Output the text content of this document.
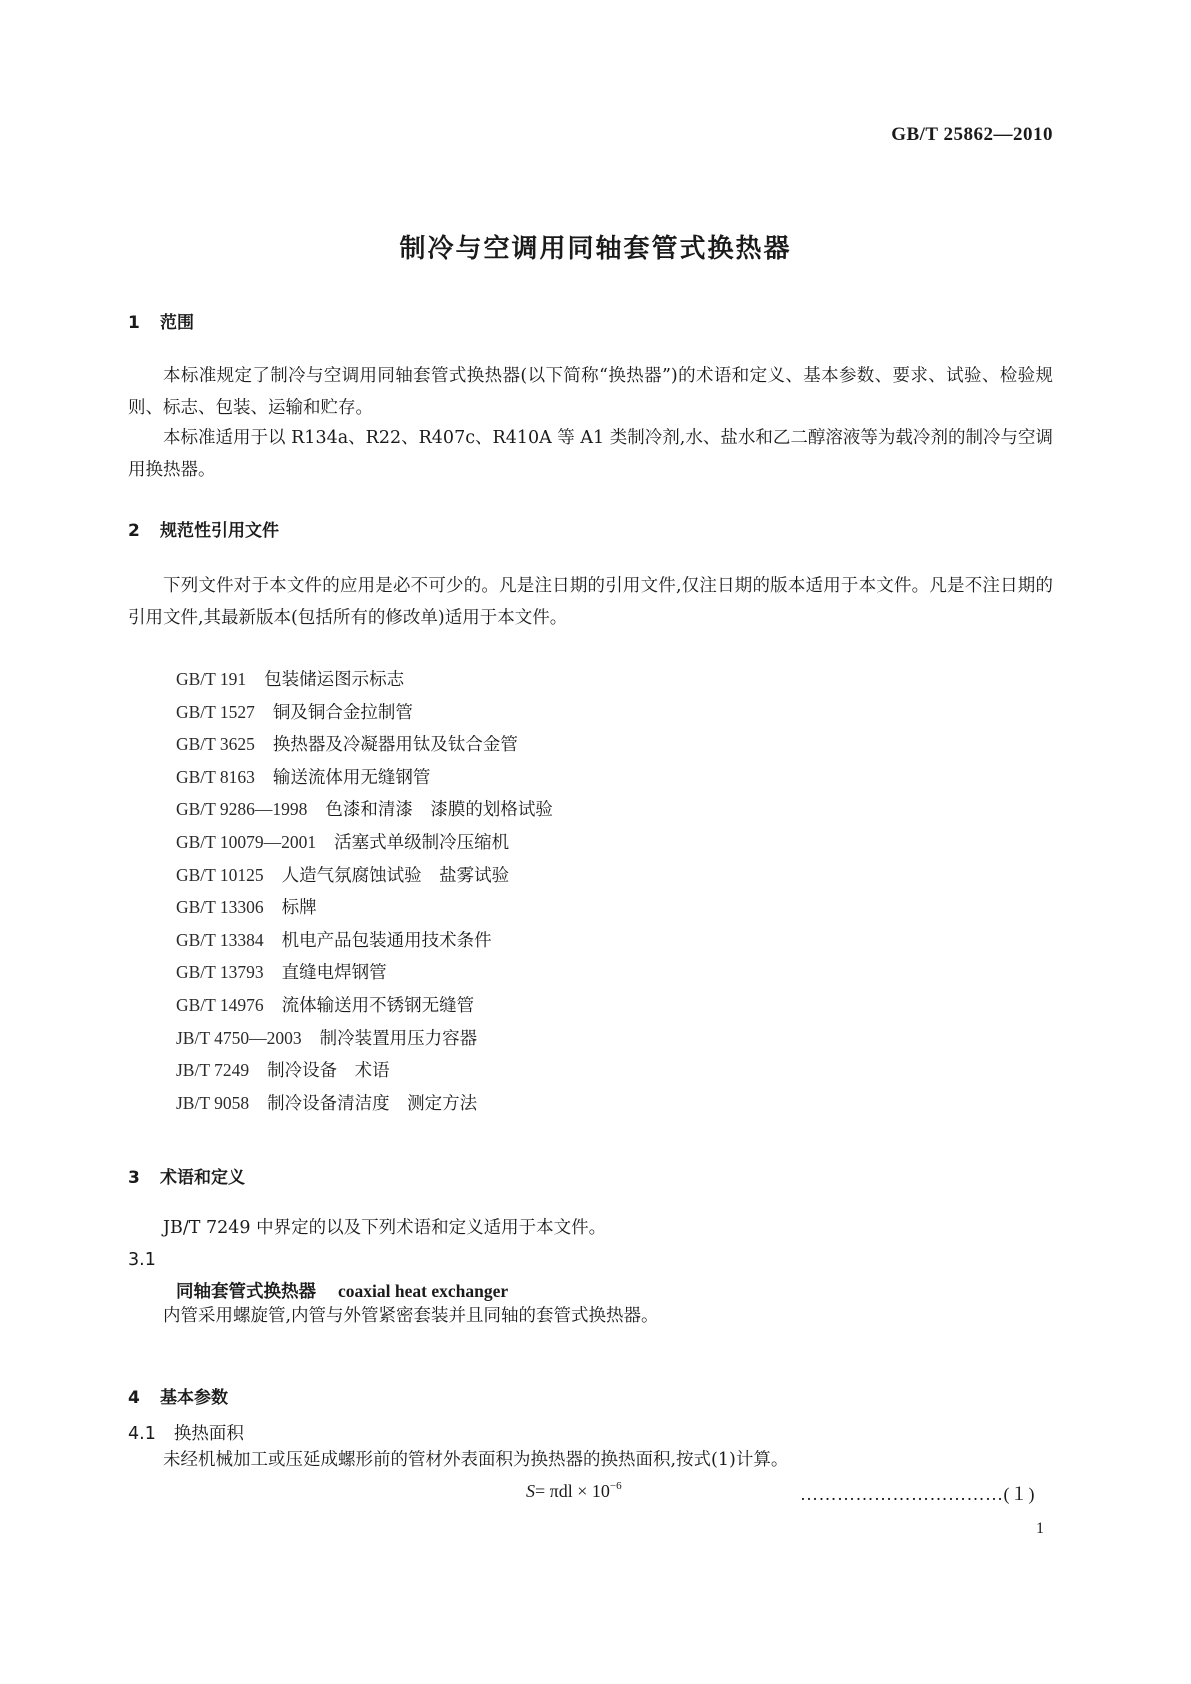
GB/T 25862—2010
制冷与空调用同轴套管式换热器
1 范围
本标准规定了制冷与空调用同轴套管式换热器(以下简称“换热器”)的术语和定义、基本参数、要求、试验、检验规则、标志、包装、运输和贮存。
本标准适用于以 R134a、R22、R407c、R410A 等 A1 类制冷剂,水、盐水和乙二醇溶液等为载冷剂的制冷与空调用换热器。
2 规范性引用文件
下列文件对于本文件的应用是必不可少的。凡是注日期的引用文件,仅注日期的版本适用于本文件。凡是不注日期的引用文件,其最新版本(包括所有的修改单)适用于本文件。
GB/T 191 包装储运图示标志
GB/T 1527 铜及铜合金拉制管
GB/T 3625 换热器及冷凝器用钛及钛合金管
GB/T 8163 输送流体用无缝钢管
GB/T 9286—1998 色漆和清漆　漆膜的划格试验
GB/T 10079—2001 活塞式单级制冷压缩机
GB/T 10125 人造气氛腐蚀试验　盐雾试验
GB/T 13306 标牌
GB/T 13384 机电产品包装通用技术条件
GB/T 13793 直缝电焊钢管
GB/T 14976 流体输送用不锈钢无缝管
JB/T 4750—2003 制冷装置用压力容器
JB/T 7249 制冷设备　术语
JB/T 9058 制冷设备清洁度　测定方法
3 术语和定义
JB/T 7249 中界定的以及下列术语和定义适用于本文件。
3.1
同轴套管式换热器 coaxial heat exchanger
内管采用螺旋管,内管与外管紧密套装并且同轴的套管式换热器。
4 基本参数
4.1 换热面积
未经机械加工或压延成螺形前的管材外表面积为换热器的换热面积,按式(1)计算。
$S= \pi dl \times 10^{-6}$	……………………………(１)
1
